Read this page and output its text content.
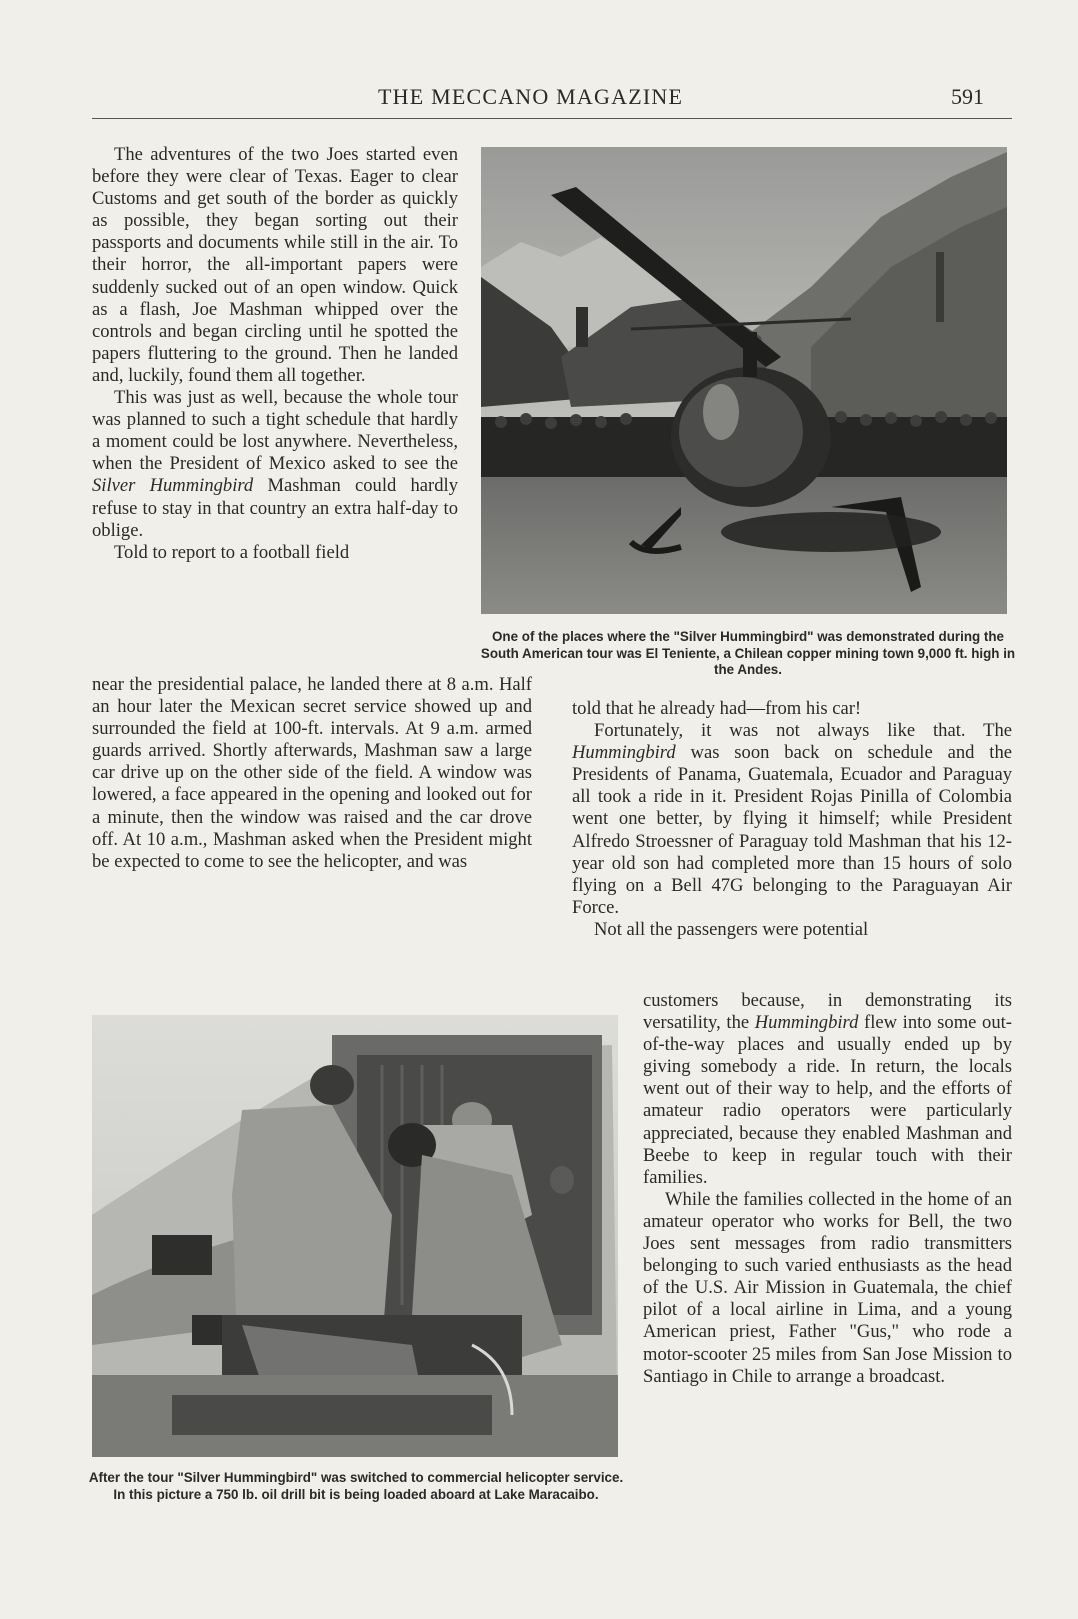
THE MECCANO MAGAZINE	591

The adventures of the two Joes started even before they were clear of Texas. Eager to clear Customs and get south of the border as quickly as possible, they began sorting out their passports and documents while still in the air. To their horror, the all-important papers were suddenly sucked out of an open window. Quick as a flash, Joe Mashman whipped over the controls and began circling until he spotted the papers fluttering to the ground. Then he landed and, luckily, found them all together.

This was just as well, because the whole tour was planned to such a tight schedule that hardly a moment could be lost anywhere. Nevertheless, when the President of Mexico asked to see the Silver Hummingbird Mashman could hardly refuse to stay in that country an extra half-day to oblige.

Told to report to a football field

near the presidential palace, he landed there at 8 a.m. Half an hour later the Mexican secret service showed up and surrounded the field at 100-ft. intervals. At 9 a.m. armed guards arrived. Shortly afterwards, Mashman saw a large car drive up on the other side of the field. A window was lowered, a face appeared in the opening and looked out for a minute, then the window was raised and the car drove off. At 10 a.m., Mashman asked when the President might be expected to come to see the helicopter, and was

told that he already had—from his car!

Fortunately, it was not always like that. The Hummingbird was soon back on schedule and the Presidents of Panama, Guatemala, Ecuador and Paraguay all took a ride in it. President Rojas Pinilla of Colombia went one better, by flying it himself; while President Alfredo Stroessner of Paraguay told Mashman that his 12-year old son had completed more than 15 hours of solo flying on a Bell 47G belonging to the Paraguayan Air Force.

Not all the passengers were potential

customers because, in demonstrating its versatility, the Hummingbird flew into some out-of-the-way places and usually ended up by giving somebody a ride. In return, the locals went out of their way to help, and the efforts of amateur radio operators were particularly appreciated, because they enabled Mashman and Beebe to keep in regular touch with their families.

While the families collected in the home of an amateur operator who works for Bell, the two Joes sent messages from radio transmitters belonging to such varied enthusiasts as the head of the U.S. Air Mission in Guatemala, the chief pilot of a local airline in Lima, and a young American priest, Father "Gus," who rode a motor-scooter 25 miles from San Jose Mission to Santiago in Chile to arrange a broadcast.

One of the places where the "Silver Hummingbird" was demonstrated during the South American tour was El Teniente, a Chilean copper mining town 9,000 ft. high in the Andes.
After the tour "Silver Hummingbird" was switched to commercial helicopter service. In this picture a 750 lb. oil drill bit is being loaded aboard at Lake Maracaibo.
